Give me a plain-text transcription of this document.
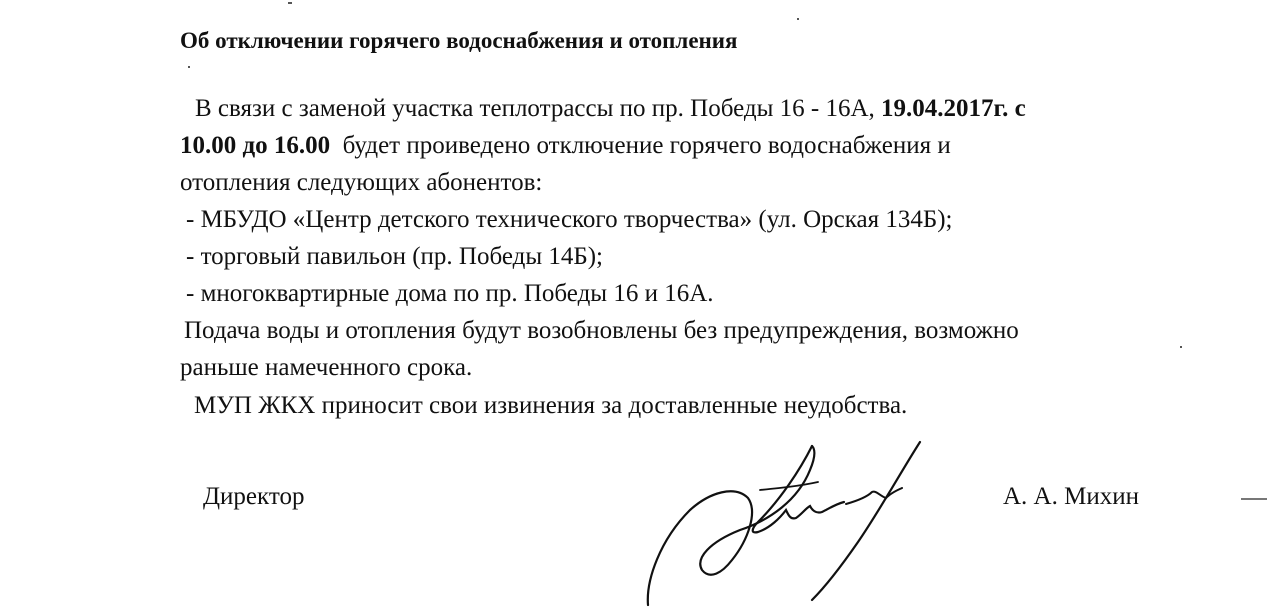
Об отключении горячего водоснабжения и отопления
В связи с заменой участка теплотрассы по пр. Победы 16 - 16А, 19.04.2017г. с
10.00 до 16.00  будет проиведено отключение горячего водоснабжения и
отопления следующих абонентов:
- МБУДО «Центр детского технического творчества» (ул. Орская 134Б);
- торговый павильон (пр. Победы 14Б);
- многоквартирные дома по пр. Победы 16 и 16А.
Подача воды и отопления будут возобновлены без предупреждения, возможно
раньше намеченного срока.
МУП ЖКХ приносит свои извинения за доставленные неудобства.
Директор	А. А. Михин
